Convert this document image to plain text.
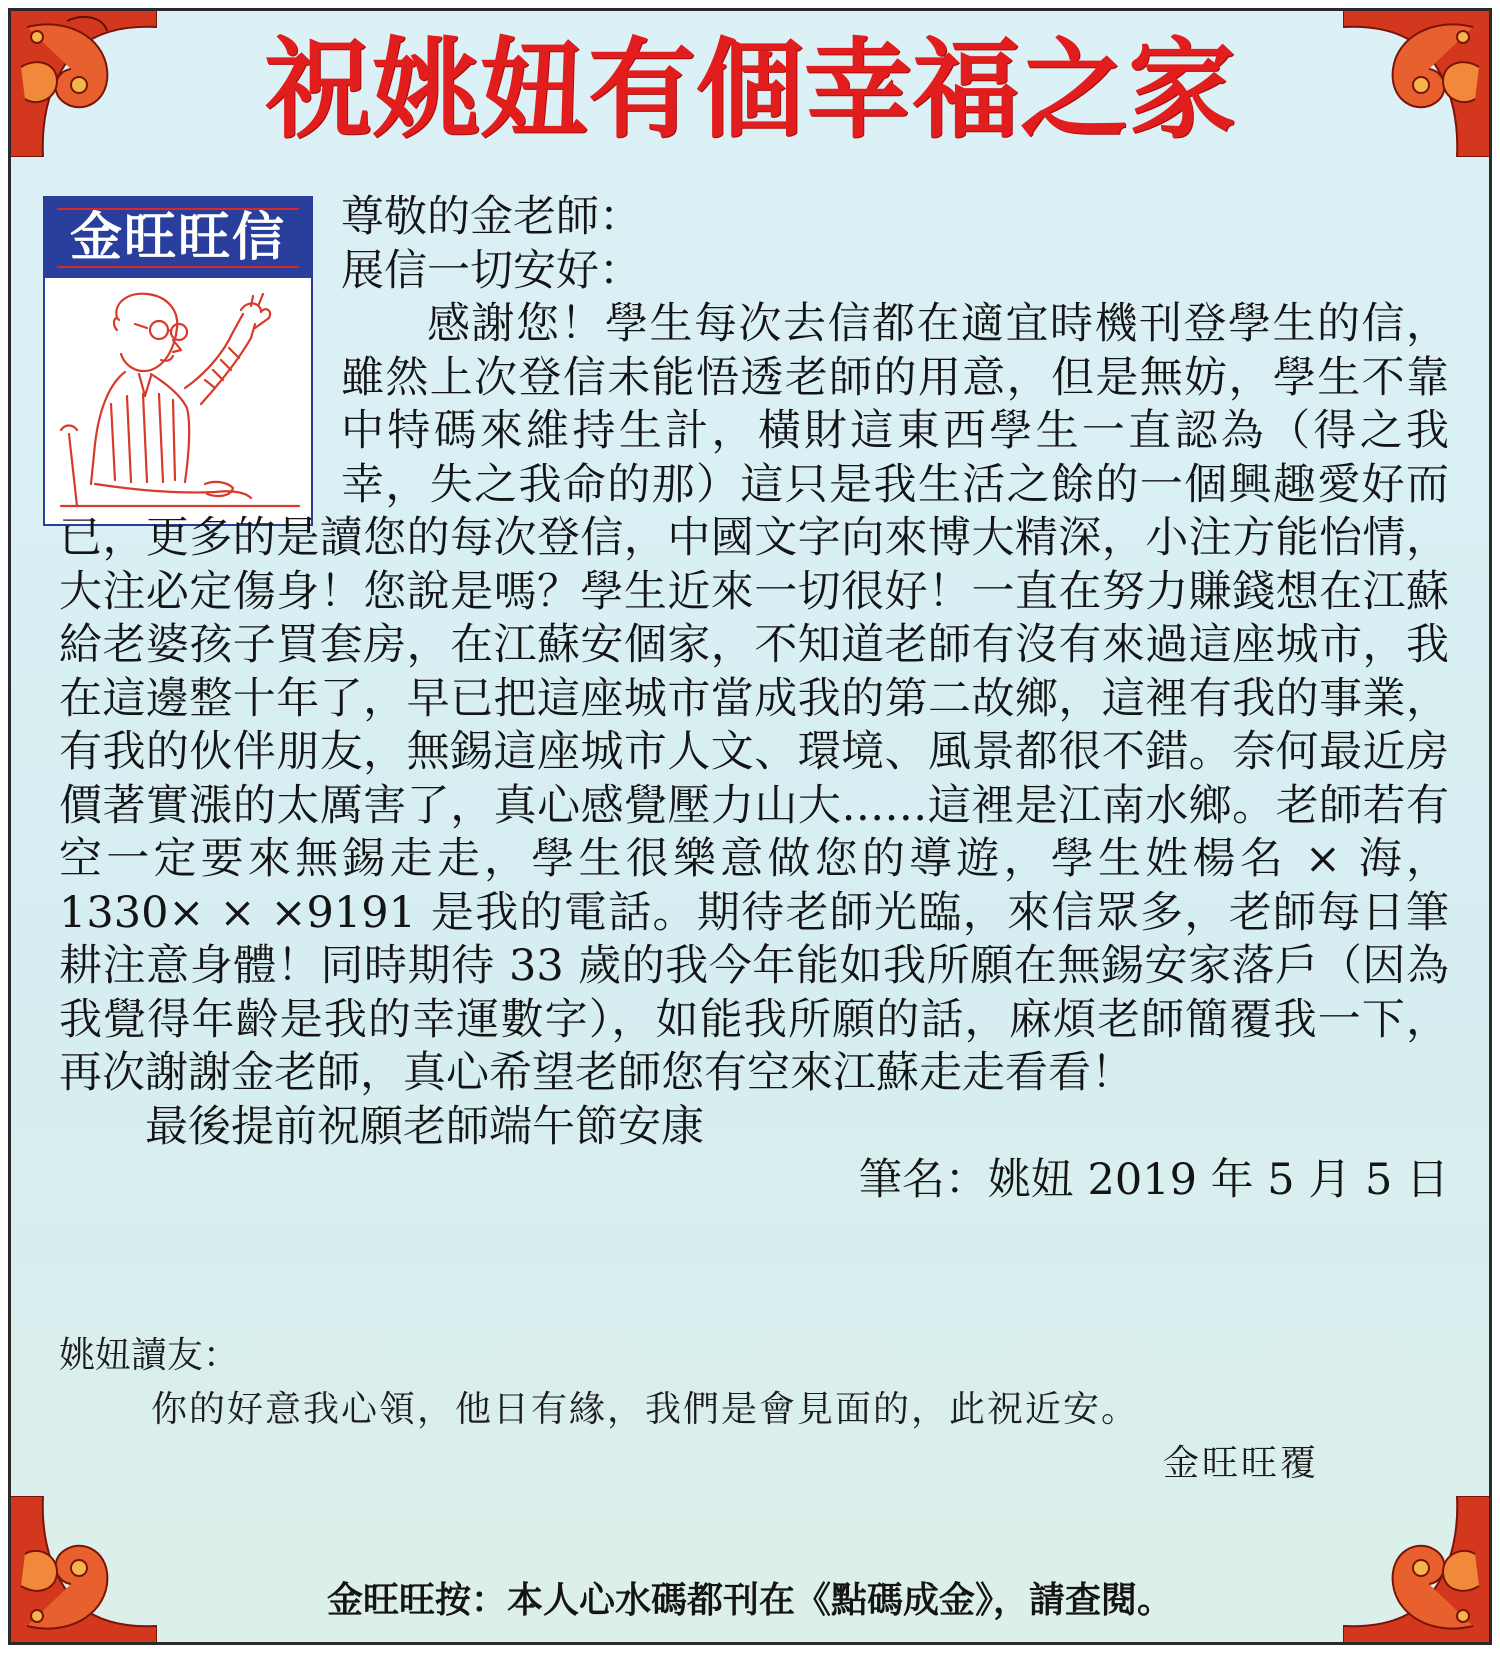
祝姚妞有個幸福之家
金旺旺信箱

尊敬的金老師：

展信一切安好：

感謝您！學生每次去信都在適宜時機刊登學生的信，雖然上次登信未能悟透老師的用意，但是無妨，學生不靠中特碼來維持生計，橫財這東西學生一直認為（得之我幸，失之我命的那）這只是我生活之餘的一個興趣愛好而已，更多的是讀您的每次登信，中國文字向來博大精深，小注方能怡情，大注必定傷身！您說是嗎？學生近來一切很好！一直在努力賺錢想在江蘇給老婆孩子買套房，在江蘇安個家，不知道老師有沒有來過這座城市，我在這邊整十年了，早已把這座城市當成我的第二故鄉，這裡有我的事業，有我的伙伴朋友，無錫這座城市人文、環境、風景都很不錯。奈何最近房價著實漲的太厲害了，真心感覺壓力山大……這裡是江南水鄉。老師若有空一定要來無錫走走，學生很樂意做您的導遊，學生姓楊名 × 海，1330× × ×9191 是我的電話。期待老師光臨，來信眾多，老師每日筆耕注意身體！同時期待 33 歲的我今年能如我所願在無錫安家落戶（因為我覺得年齡是我的幸運數字），如能我所願的話，麻煩老師簡覆我一下，再次謝謝金老師，真心希望老師您有空來江蘇走走看看！

最後提前祝願老師端午節安康

筆名：姚妞 2019 年 5 月 5 日

姚妞讀友：

你的好意我心領，他日有緣，我們是會見面的，此祝近安。

金旺旺覆

金旺旺按：本人心水碼都刊在《點碼成金》，請查閱。
